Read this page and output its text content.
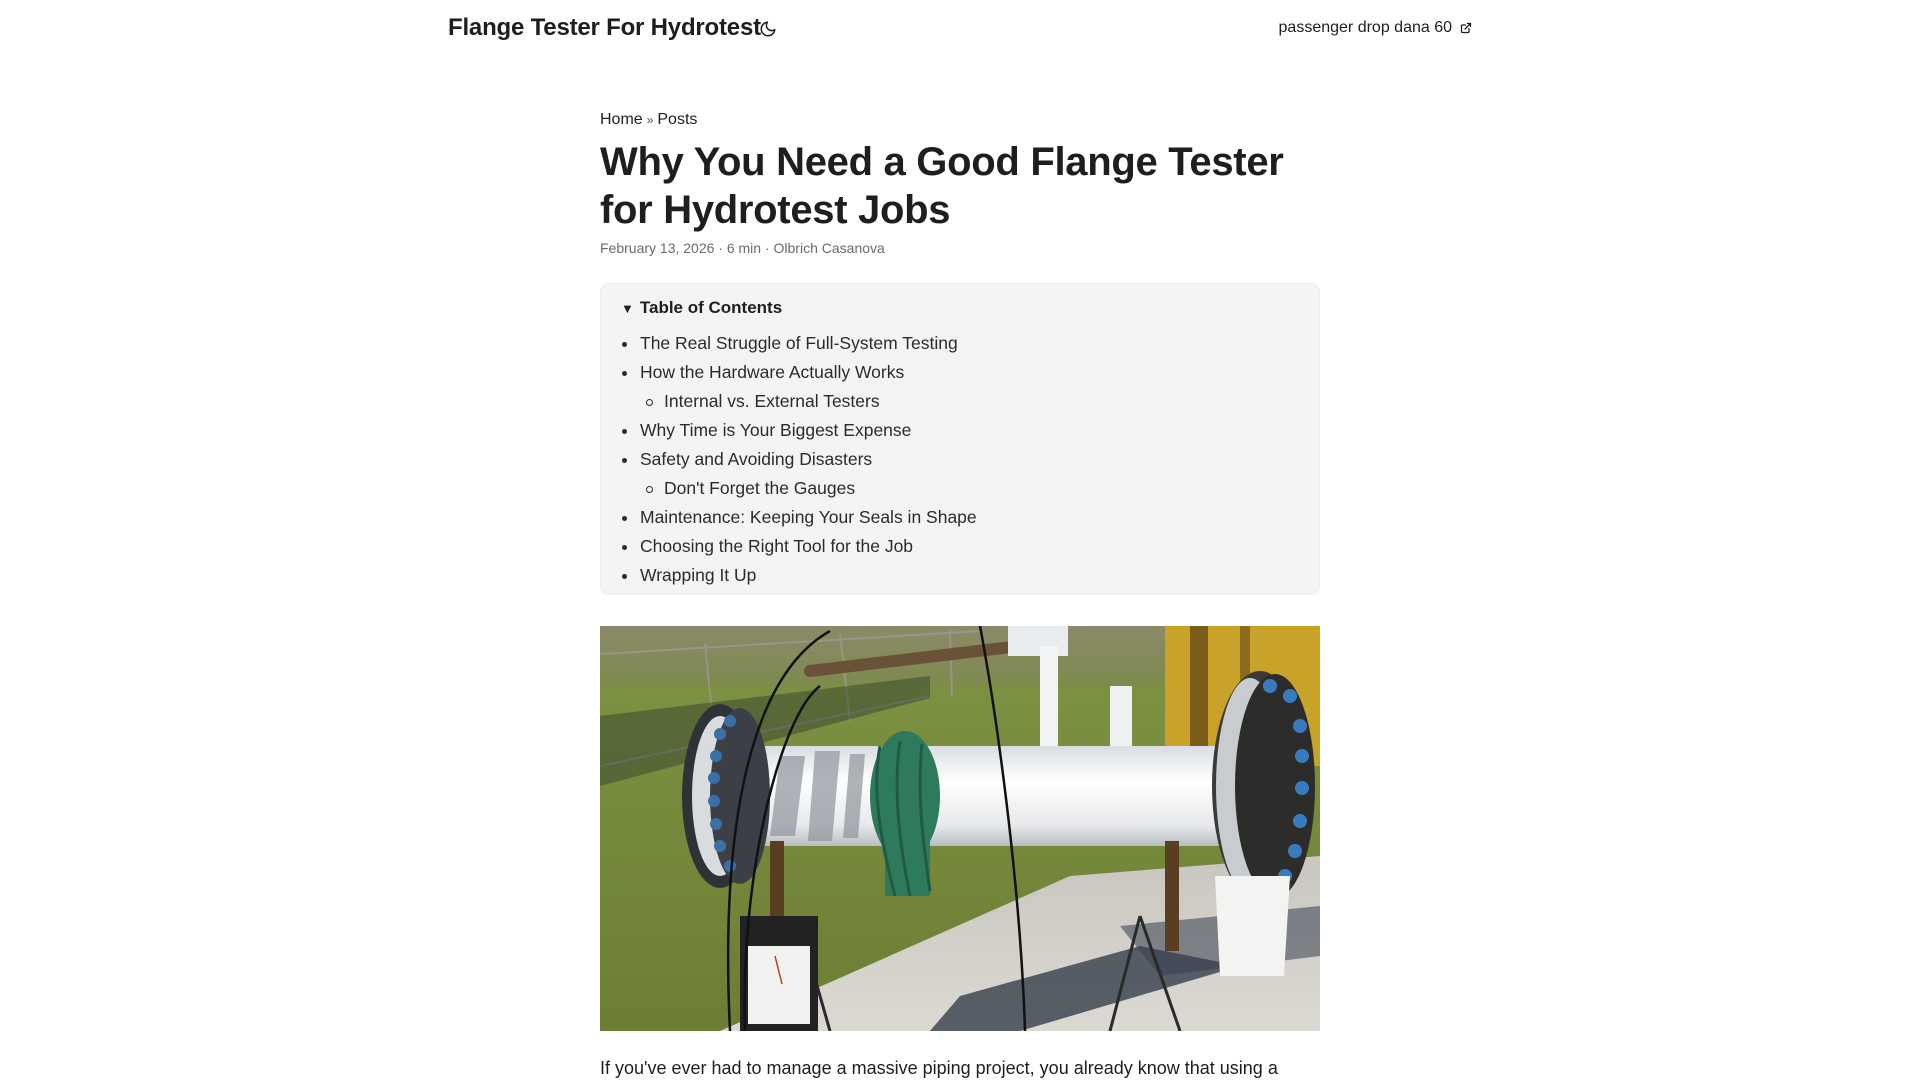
Flange Tester For Hydrotest	passenger drop dana 60
Home » Posts
Why You Need a Good Flange Tester for Hydrotest Jobs
February 13, 2026 · 6 min · Olbrich Casanova
▼ Table of Contents
The Real Struggle of Full-System Testing
How the Hardware Actually Works
Internal vs. External Testers
Why Time is Your Biggest Expense
Safety and Avoiding Disasters
Don't Forget the Gauges
Maintenance: Keeping Your Seals in Shape
Choosing the Right Tool for the Job
Wrapping It Up

If you've ever had to manage a massive piping project, you already know that using a
